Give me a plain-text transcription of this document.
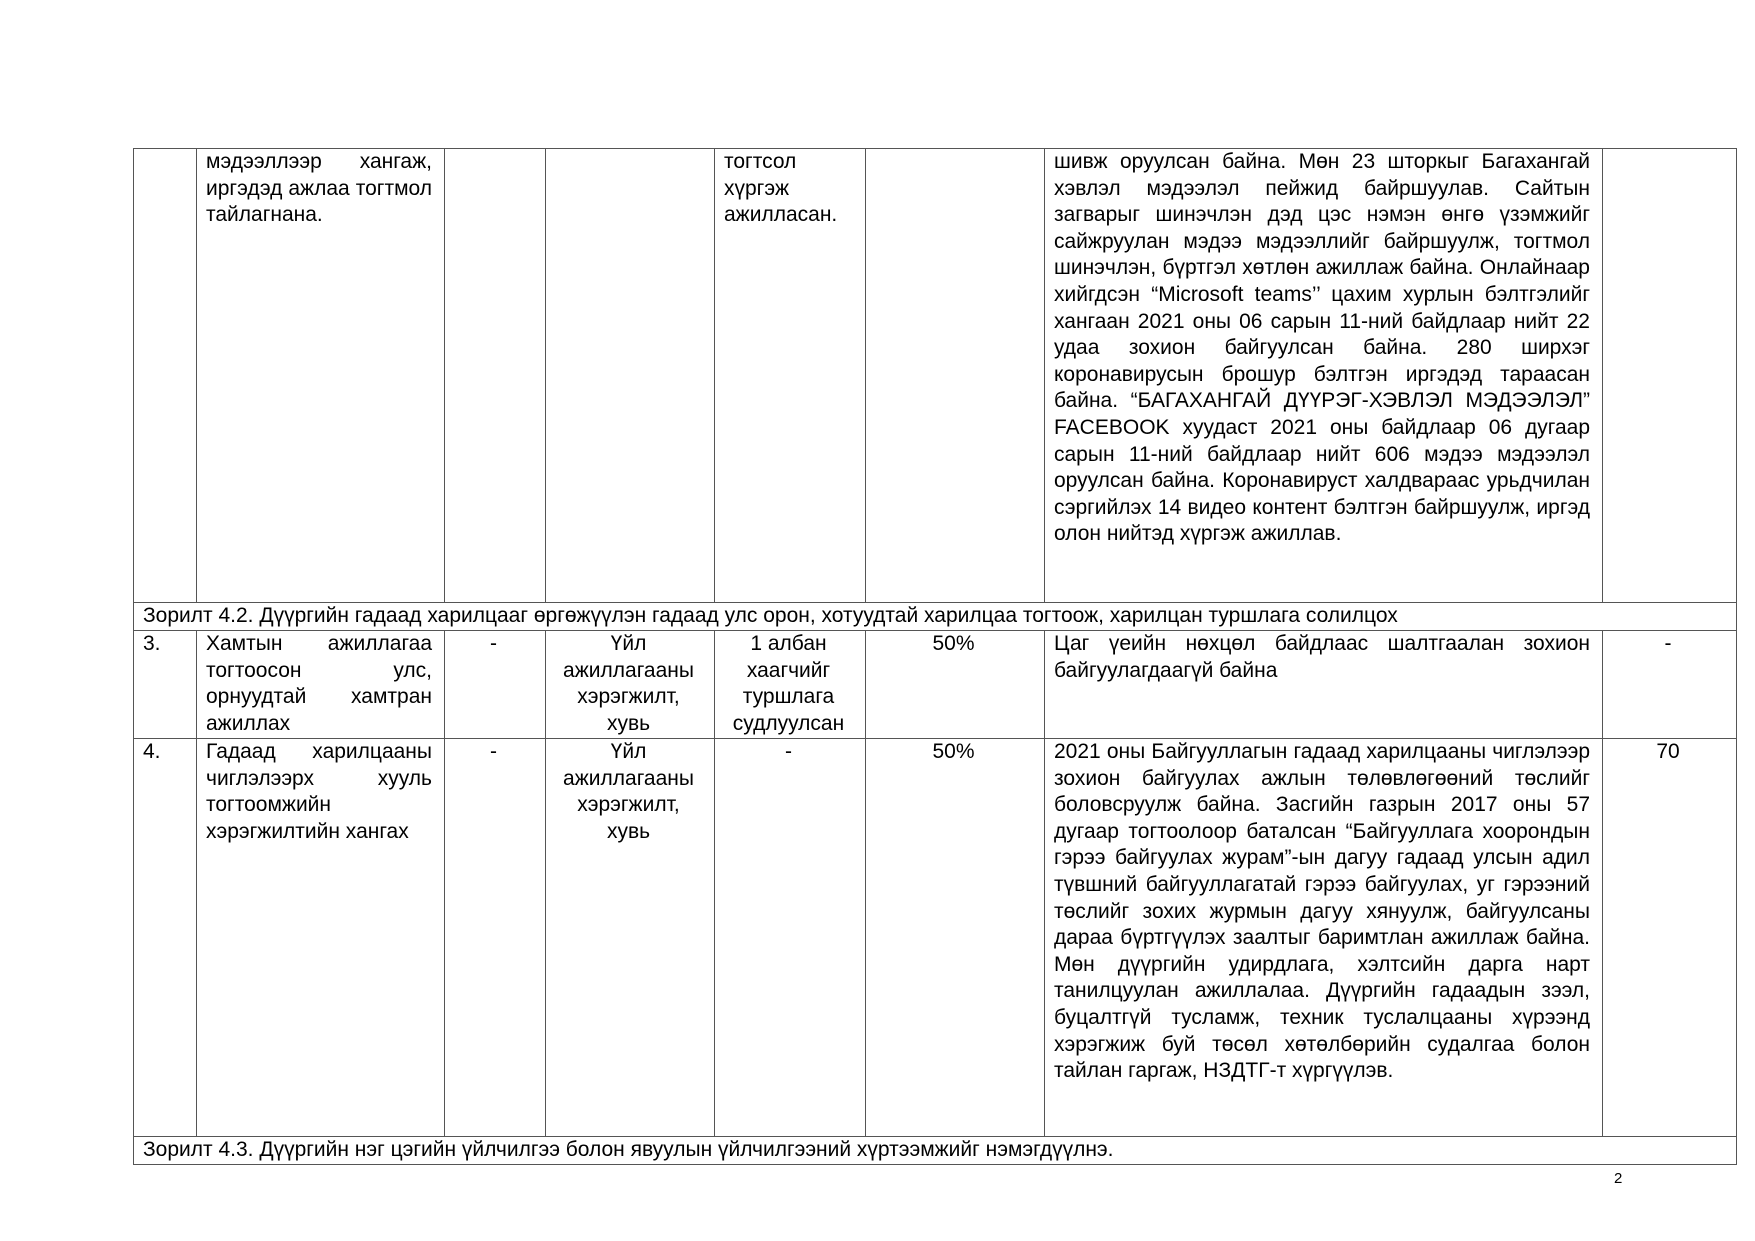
	мэдээллээр хангаж, иргэдэд ажлаа тогтмол тайлагнана.			тогтсол хүргэж ажилласан.		шивж оруулсан байна. Мөн 23 шторкыг Багахангай хэвлэл мэдээлэл пейжид байршуулав. Сайтын загварыг шинэчлэн дэд цэс нэмэн өнгө үзэмжийг сайжруулан мэдээ мэдээллийг байршуулж, тогтмол шинэчлэн, бүртгэл хөтлөн ажиллаж байна. Онлайнаар хийгдсэн “Microsoft teams’’ цахим хурлын бэлтгэлийг хангаан 2021 оны 06 сарын 11-ний байдлаар нийт 22 удаа зохион байгуулсан байна. 280 ширхэг коронавирусын брошур бэлтгэн иргэдэд тараасан байна. “БАГАХАНГАЙ ДҮҮРЭГ-ХЭВЛЭЛ МЭДЭЭЛЭЛ” FACEBOOK хуудаст 2021 оны байдлаар 06 дугаар сарын 11-ний байдлаар нийт 606 мэдээ мэдээлэл оруулсан байна. Коронавируст халдвараас урьдчилан сэргийлэх 14 видео контент бэлтгэн байршуулж, иргэд олон нийтэд хүргэж ажиллав.	
Зорилт 4.2. Дүүргийн гадаад харилцааг өргөжүүлэн гадаад улс орон, хотуудтай харилцаа тогтоож, харилцан туршлага солилцох							
3.	Хамтын ажиллагаа тогтоосон улс, орнуудтай хамтран ажиллах	-	Үйл ажиллагааны хэрэгжилт, хувь	1 албан хаагчийг туршлага судлуулсан	50%	Цаг үеийн нөхцөл байдлаас шалтгаалан зохион байгуулагдаагүй байна	-
4.	Гадаад харилцааны чиглэлээрх хууль тогтоомжийн хэрэгжилтийн хангах	-	Үйл ажиллагааны хэрэгжилт, хувь	-	50%	2021 оны Байгууллагын гадаад харилцааны чиглэлээр зохион байгуулах ажлын төлөвлөгөөний төслийг боловсруулж байна. Засгийн газрын 2017 оны 57 дугаар тогтоолоор баталсан “Байгууллага хоорондын гэрээ байгуулах журам”-ын дагуу гадаад улсын адил түвшний байгууллагатай гэрээ байгуулах, уг гэрээний төслийг зохих журмын дагуу хянуулж, байгуулсаны дараа бүртгүүлэх заалтыг баримтлан ажиллаж байна. Мөн дүүргийн удирдлага, хэлтсийн дарга нарт танилцуулан ажиллалаа. Дүүргийн гадаадын зээл, буцалтгүй тусламж, техник туслалцааны хүрээнд хэрэгжиж буй төсөл хөтөлбөрийн судалгаа болон тайлан гаргаж, НЗДТГ-т хүргүүлэв.	70
Зорилт 4.3. Дүүргийн нэг цэгийн үйлчилгээ болон явуулын үйлчилгээний хүртээмжийг нэмэгдүүлнэ.							
2
